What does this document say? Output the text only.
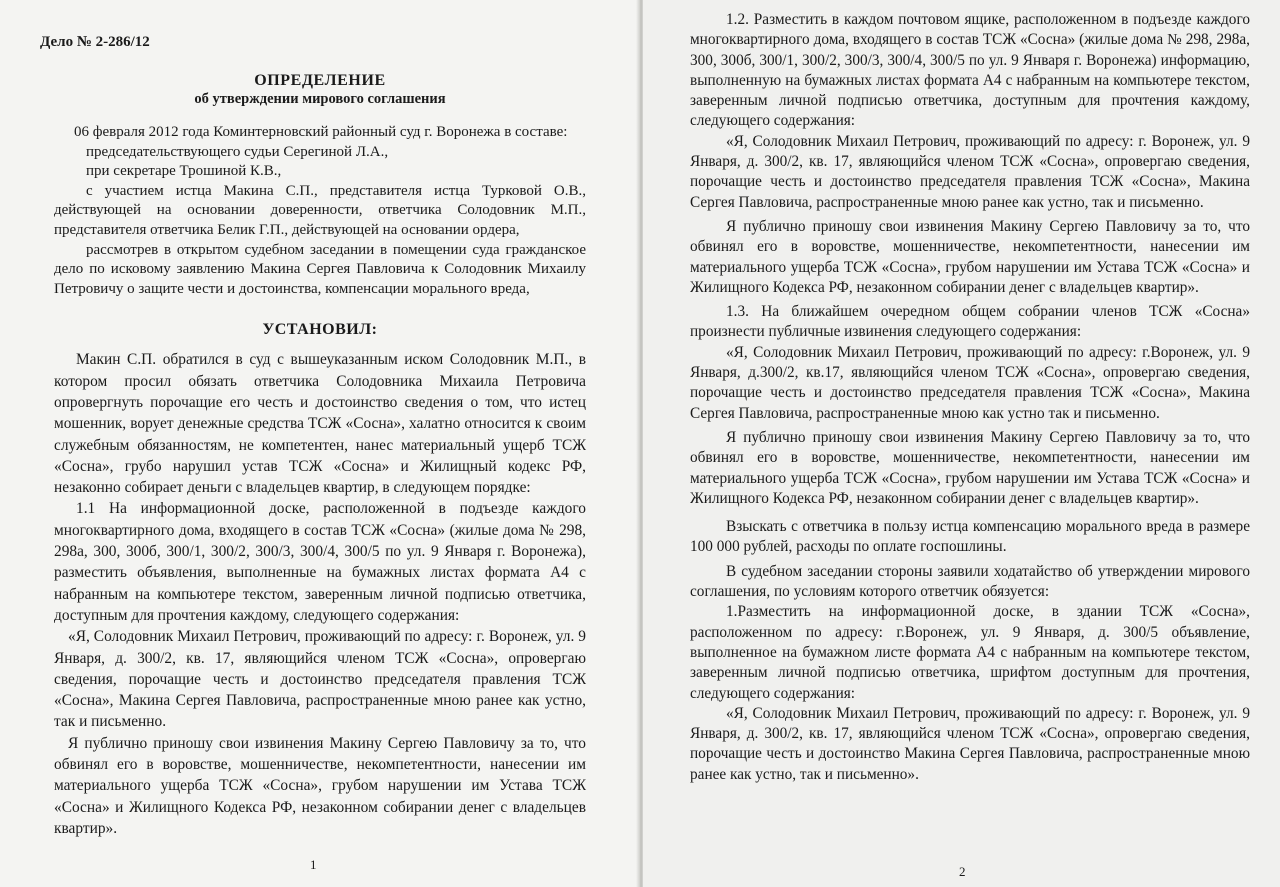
Дело № 2-286/12
ОПРЕДЕЛЕНИЕ
об утверждении мирового соглашения

06 февраля 2012 года Коминтерновский районный суд г. Воронежа в составе:

председательствующего судьи Серегиной Л.А.,

при секретаре Трошиной К.В.,

с участием истца Макина С.П., представителя истца Турковой О.В., действующей на основании доверенности, ответчика Солодовник М.П., представителя ответчика Белик Г.П., действующей на основании ордера,

рассмотрев в открытом судебном заседании в помещении суда гражданское дело по исковому заявлению Макина Сергея Павловича к Солодовник Михаилу Петровичу о защите чести и достоинства, компенсации морального вреда,

УСТАНОВИЛ:

Макин С.П. обратился в суд с вышеуказанным иском Солодовник М.П., в котором просил обязать ответчика Солодовника Михаила Петровича опровергнуть порочащие его честь и достоинство сведения о том, что истец мошенник, ворует денежные средства ТСЖ «Сосна», халатно относится к своим служебным обязанностям, не компетентен, нанес материальный ущерб ТСЖ «Сосна», грубо нарушил устав ТСЖ «Сосна» и Жилищный кодекс РФ, незаконно собирает деньги с владельцев квартир, в следующем порядке:

1.1 На информационной доске, расположенной в подъезде каждого многоквартирного дома, входящего в состав ТСЖ «Сосна» (жилые дома № 298, 298а, 300, 300б, 300/1, 300/2, 300/3, 300/4, 300/5 по ул. 9 Января г. Воронежа), разместить объявления, выполненные на бумажных листах формата А4 с набранным на компьютере текстом, заверенным личной подписью ответчика, доступным для прочтения каждому, следующего содержания:

«Я, Солодовник Михаил Петрович, проживающий по адресу: г. Воронеж, ул. 9 Января, д. 300/2, кв. 17, являющийся членом ТСЖ «Сосна», опровергаю сведения, порочащие честь и достоинство председателя правления ТСЖ «Сосна», Макина Сергея Павловича, распространенные мною ранее как устно, так и письменно.

Я публично приношу свои извинения Макину Сергею Павловичу за то, что обвинял его в воровстве, мошенничестве, некомпетентности, нанесении им материального ущерба ТСЖ «Сосна», грубом нарушении им Устава ТСЖ «Сосна» и Жилищного Кодекса РФ, незаконном собирании денег с владельцев квартир».

1

1.2. Разместить в каждом почтовом ящике, расположенном в подъезде каждого многоквартирного дома, входящего в состав ТСЖ «Сосна» (жилые дома № 298, 298а, 300, 300б, 300/1, 300/2, 300/3, 300/4, 300/5 по ул. 9 Января г. Воронежа) информацию, выполненную на бумажных листах формата А4 с набранным на компьютере текстом, заверенным личной подписью ответчика, доступным для прочтения каждому, следующего содержания:

«Я, Солодовник Михаил Петрович, проживающий по адресу: г. Воронеж, ул. 9 Января, д. 300/2, кв. 17, являющийся членом ТСЖ «Сосна», опровергаю сведения, порочащие честь и достоинство председателя правления ТСЖ «Сосна», Макина Сергея Павловича, распространенные мною ранее как устно, так и письменно.

Я публично приношу свои извинения Макину Сергею Павловичу за то, что обвинял его в воровстве, мошенничестве, некомпетентности, нанесении им материального ущерба ТСЖ «Сосна», грубом нарушении им Устава ТСЖ «Сосна» и Жилищного Кодекса РФ, незаконном собирании денег с владельцев квартир».

1.3. На ближайшем очередном общем собрании членов ТСЖ «Сосна» произнести публичные извинения следующего содержания:

«Я, Солодовник Михаил Петрович, проживающий по адресу: г.Воронеж, ул. 9 Января, д.300/2, кв.17, являющийся членом ТСЖ «Сосна», опровергаю сведения, порочащие честь и достоинство председателя правления ТСЖ «Сосна», Макина Сергея Павловича, распространенные мною как устно так и письменно.

Я публично приношу свои извинения Макину Сергею Павловичу за то, что обвинял его в воровстве, мошенничестве, некомпетентности, нанесении им материального ущерба ТСЖ «Сосна», грубом нарушении им Устава ТСЖ «Сосна» и Жилищного Кодекса РФ, незаконном собирании денег с владельцев квартир».

Взыскать с ответчика в пользу истца компенсацию морального вреда в размере 100 000 рублей, расходы по оплате госпошлины.

В судебном заседании стороны заявили ходатайство об утверждении мирового соглашения, по условиям которого ответчик обязуется:

1.Разместить на информационной доске, в здании ТСЖ «Сосна», расположенном по адресу: г.Воронеж, ул. 9 Января, д. 300/5 объявление, выполненное на бумажном листе формата А4 с набранным на компьютере текстом, заверенным личной подписью ответчика, шрифтом доступным для прочтения, следующего содержания:

«Я, Солодовник Михаил Петрович, проживающий по адресу: г. Воронеж, ул. 9 Января, д. 300/2, кв. 17, являющийся членом ТСЖ «Сосна», опровергаю сведения, порочащие честь и достоинство Макина Сергея Павловича, распространенные мною ранее как устно, так и письменно».

2
